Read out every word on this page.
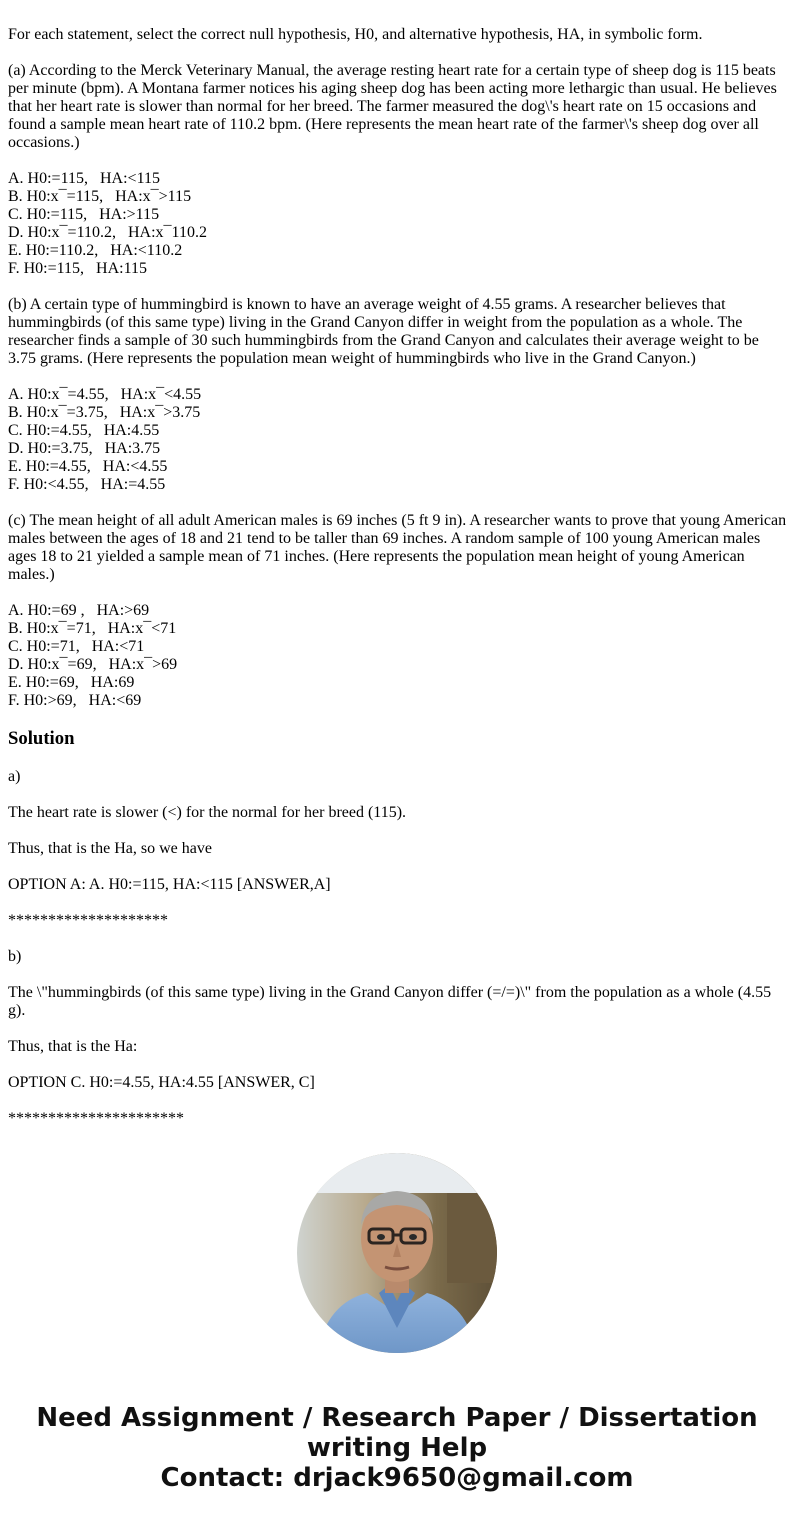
For each statement, select the correct null hypothesis, H0, and alternative hypothesis, HA, in symbolic form.

(a) According to the Merck Veterinary Manual, the average resting heart rate for a certain type of sheep dog is 115 beats per minute (bpm). A Montana farmer notices his aging sheep dog has been acting more lethargic than usual. He believes that her heart rate is slower than normal for her breed. The farmer measured the dog\'s heart rate on 15 occasions and found a sample mean heart rate of 110.2 bpm. (Here represents the mean heart rate of the farmer\'s sheep dog over all occasions.)

A. H0:=115,   HA:<115
B. H0:x¯=115,   HA:x¯>115
C. H0:=115,   HA:>115
D. H0:x¯=110.2,   HA:x¯110.2
E. H0:=110.2,   HA:<110.2
F. H0:=115,   HA:115

(b) A certain type of hummingbird is known to have an average weight of 4.55 grams. A researcher believes that hummingbirds (of this same type) living in the Grand Canyon differ in weight from the population as a whole. The researcher finds a sample of 30 such hummingbirds from the Grand Canyon and calculates their average weight to be 3.75 grams. (Here represents the population mean weight of hummingbirds who live in the Grand Canyon.)

A. H0:x¯=4.55,   HA:x¯<4.55
B. H0:x¯=3.75,   HA:x¯>3.75
C. H0:=4.55,   HA:4.55
D. H0:=3.75,   HA:3.75
E. H0:=4.55,   HA:<4.55
F. H0:<4.55,   HA:=4.55

(c) The mean height of all adult American males is 69 inches (5 ft 9 in). A researcher wants to prove that young American males between the ages of 18 and 21 tend to be taller than 69 inches. A random sample of 100 young American males ages 18 to 21 yielded a sample mean of 71 inches. (Here represents the population mean height of young American males.)

A. H0:=69 ,   HA:>69
B. H0:x¯=71,   HA:x¯<71
C. H0:=71,   HA:<71
D. H0:x¯=69,   HA:x¯>69
E. H0:=69,   HA:69
F. H0:>69,   HA:<69
Solution

a)

The heart rate is slower (<) for the normal for her breed (115).

Thus, that is the Ha, so we have

OPTION A: A. H0:=115, HA:<115 [ANSWER,A]

********************

b)

The \"hummingbirds (of this same type) living in the Grand Canyon differ (=/=)\" from the population as a whole (4.55 g).

Thus, that is the Ha:

OPTION C. H0:=4.55, HA:4.55 [ANSWER, C]

**********************

Need Assignment / Research Paper / Dissertation
writing Help
Contact: drjack9650@gmail.com
